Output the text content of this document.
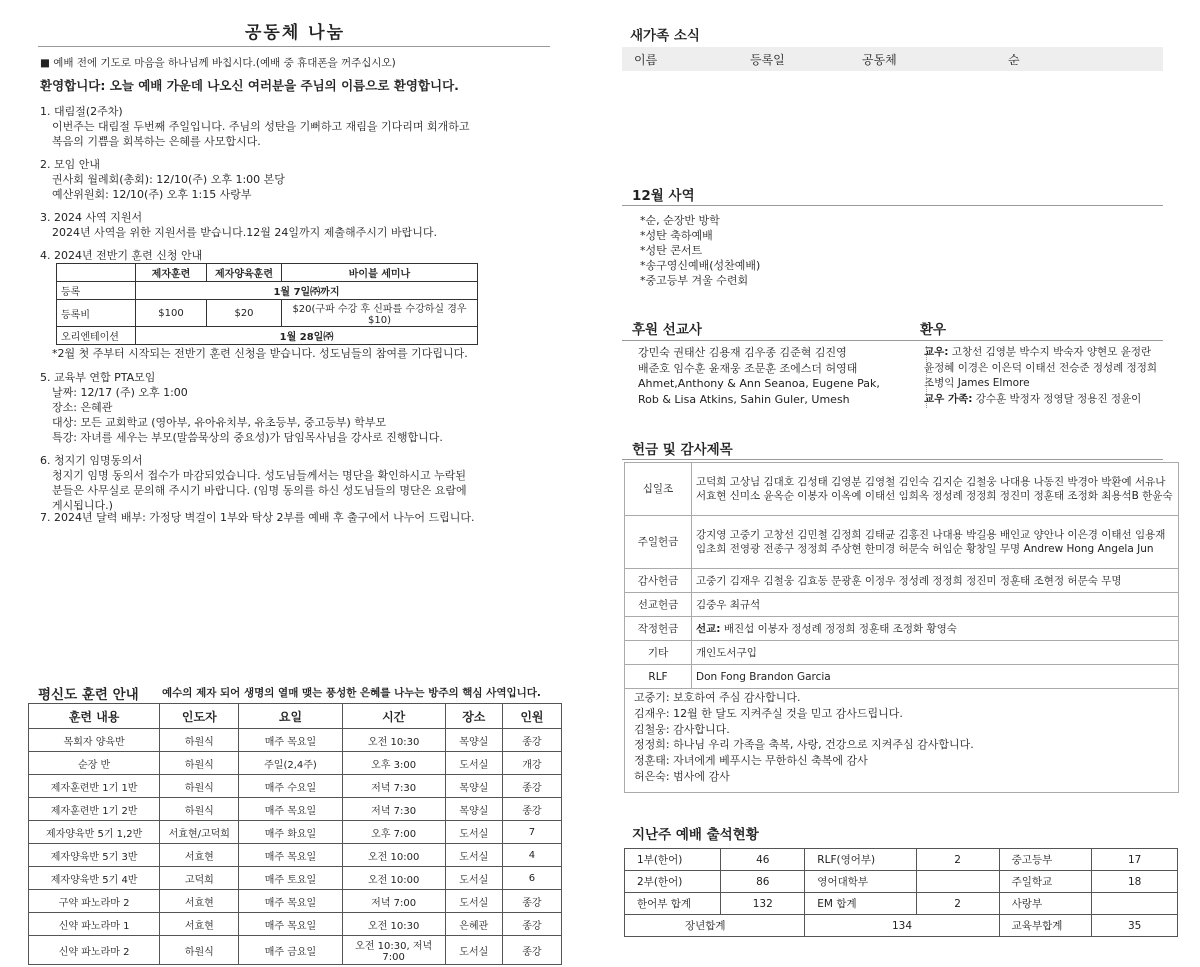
공동체 나눔
■ 예배 전에 기도로 마음을 하나님께 바칩시다.(예배 중 휴대폰을 꺼주십시오)
환영합니다: 오늘 예배 가운데 나오신 여러분을 주님의 이름으로 환영합니다.
1. 대림절(2주차)
이번주는 대림절 두번째 주일입니다. 주님의 성탄을 기뻐하고 재림을 기다리며 회개하고
복음의 기쁨을 회복하는 은혜를 사모합시다.
2. 모임 안내
권사회 월례회(총회): 12/10(주) 오후 1:00 본당
예산위원회: 12/10(주) 오후 1:15 사랑부
3. 2024 사역 지원서
2024년 사역을 위한 지원서를 받습니다.12월 24일까지 제출해주시기 바랍니다.
4. 2024년 전반기 훈련 신청 안내
	제자훈련	제자양육훈련	바이블 세미나
등록	1월 7일㈜까지		
등록비	$100	$20	$20(구파 수강 후 신파를 수강하실 경우 $10)
오리엔테이션	1월 28일㈜		
*2월 첫 주부터 시작되는 전반기 훈련 신청을 받습니다. 성도님들의 참여를 기다립니다.
5. 교육부 연합 PTA모임
날짜: 12/17 (주) 오후 1:00
장소: 은혜관
대상: 모든 교회학교 (영아부, 유아유치부, 유초등부, 중고등부) 학부모
특강: 자녀를 세우는 부모(말씀묵상의 중요성)가 담임목사님을 강사로 진행합니다.
6. 청지기 임명동의서
청지기 임명 동의서 접수가 마감되었습니다. 성도님들께서는 명단을 확인하시고 누락된
분들은 사무실로 문의해 주시기 바랍니다. (임명 동의를 하신 성도님들의 명단은 요람에
게시됩니다.)
7. 2024년 달력 배부: 가정당 벽걸이 1부와 탁상 2부를 예배 후 출구에서 나누어 드립니다.
평신도 훈련 안내 예수의 제자 되어 생명의 열매 맺는 풍성한 은혜를 나누는 방주의 핵심 사역입니다.
훈련 내용	인도자	요일	시간	장소	인원
목회자 양육반	하원식	매주 목요일	오전 10:30	목양실	종강
순장 반	하원식	주일(2,4주)	오후 3:00	도서실	개강
제자훈련반 1기 1반	하원식	매주 수요일	저녁 7:30	목양실	종강
제자훈련반 1기 2반	하원식	매주 목요일	저녁 7:30	목양실	종강
제자양육반 5기 1,2반	서효현/고덕희	매주 화요일	오후 7:00	도서실	7
제자양육반 5기 3반	서효현	매주 목요일	오전 10:00	도서실	4
제자양육반 5기 4반	고덕희	매주 토요일	오전 10:00	도서실	6
구약 파노라마 2	서효현	매주 목요일	저녁 7:00	도서실	종강
신약 파노라마 1	서효현	매주 목요일	오전 10:30	은혜관	종강
신약 파노라마 2	하원식	매주 금요일	오전 10:30, 저녁 7:00	도서실	종강
새가족 소식
이름	등록일	공동체	순
12월 사역
*순, 순장반 방학
*성탄 축하예배
*성탄 콘서트
*송구영신예배(성찬예배)
*중고등부 겨울 수련회
후원 선교사	환우
강민숙 권태산 김용재 김우종 김준혁 김진영
배준호 임수훈 윤재웅 조문훈 조에스더 허영태
Ahmet,Anthony & Ann Seanoa, Eugene Pak,
Rob & Lisa Atkins, Sahin Guler, Umesh
교우: 고창선 김영분 박수지 박숙자 양현모 윤정란
윤정혜 이경은 이은덕 이태선 전승준 정성례 정정희
조병익 James Elmore
교우 가족: 강수훈 박정자 정영달 정용진 정윤이
헌금 및 감사제목
십일조	고덕희 고상님 김대호 김성태 김영분 김영철 김인숙 김지순 김철웅 나대용 나동진 박경아 박환예 서유나 서효현 신미소 윤옥순 이봉자 이옥예 이태선 임희옥 정성례 정정희 정진미 정훈태 조정화 최용석B 한윤숙
주일헌금	강지영 고중기 고창선 김민철 김정희 김태균 김홍진 나대용 박길용 배인교 양안나 이은경 이태선 임용재 임초희 전영광 전종구 정정희 주상현 한미경 허문숙 허임순 황창일 무명 Andrew Hong Angela Jun
감사헌금	고중기 김재우 김철웅 김효동 문광훈 이정우 정성례 정정희 정진미 정훈태 조현정 허문숙 무명
선교헌금	김중우 최규석
작정헌금	선교: 배진섭 이봉자 정성례 정정희 정훈태 조정화 황영숙
기타	개인도서구입
RLF	Don Fong Brandon Garcia
고중기: 보호하여 주심 감사합니다.
김재우: 12월 한 달도 지켜주실 것을 믿고 감사드립니다.
김철웅: 감사합니다.
정정희: 하나님 우리 가족을 축복, 사랑, 건강으로 지켜주심 감사합니다.
정훈태: 자녀에게 베푸시는 무한하신 축복에 감사
허은숙: 범사에 감사
지난주 예배 출석현황
1부(한어)	46	RLF(영어부)	2	중고등부	17
2부(한어)	86	영어대학부		주일학교	18
한어부 합계	132	EM 합계	2	사랑부	
장년합계		134		교육부합계	35
